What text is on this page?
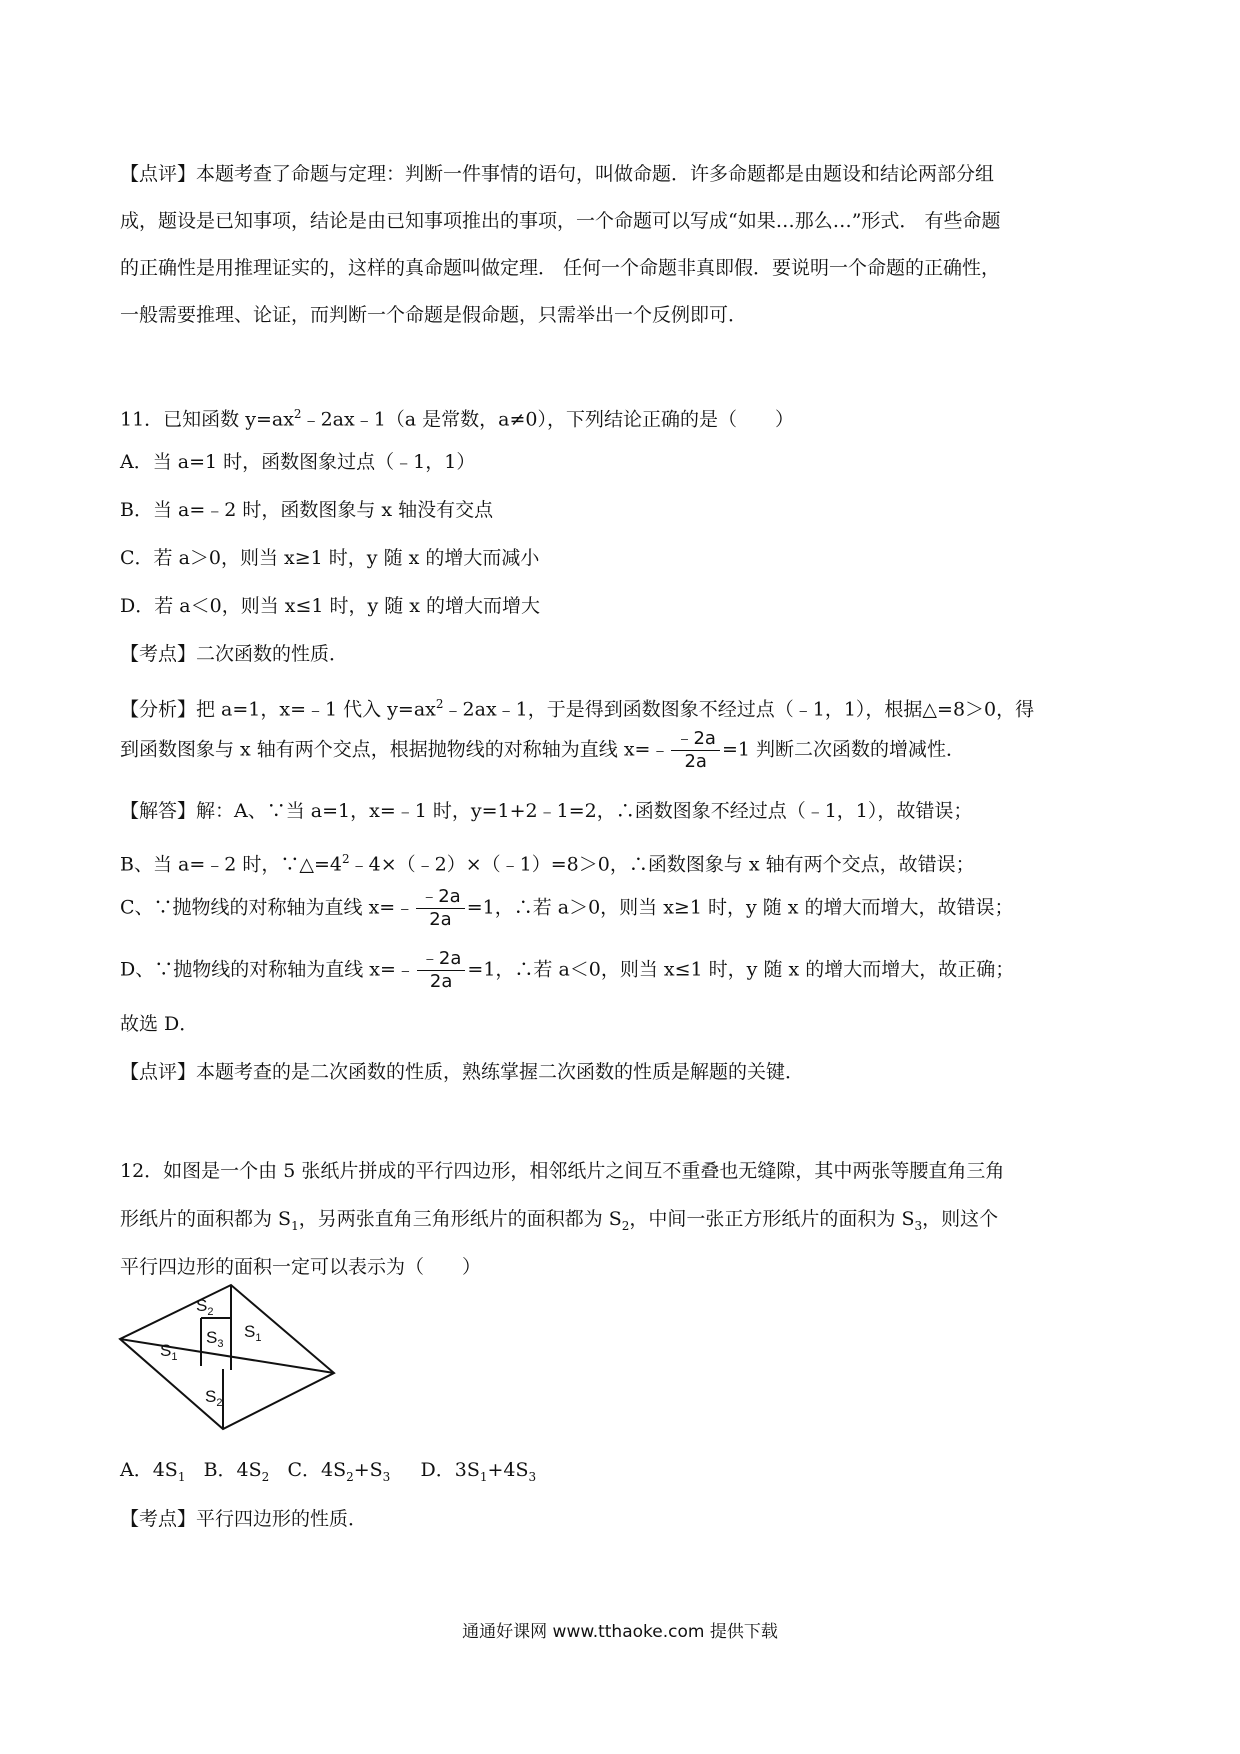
【点评】本题考查了命题与定理：判断一件事情的语句，叫做命题．许多命题都是由题设和结论两部分组
成，题设是已知事项，结论是由已知事项推出的事项，一个命题可以写成“如果…那么…”形式． 有些命题
的正确性是用推理证实的，这样的真命题叫做定理． 任何一个命题非真即假．要说明一个命题的正确性，
一般需要推理、论证，而判断一个命题是假命题，只需举出一个反例即可．
11．已知函数 $y=ax^2﹣2ax﹣1(a$ 是常数，a≠0），下列结论正确的是（　　）
A．当 a=1 时，函数图象过点（﹣1，1）
B．当 a=﹣2 时，函数图象与 x 轴没有交点
C．若 a＞0，则当 x≥1 时，y 随 x 的增大而减小
D．若 a＜0，则当 x≤1 时，y 随 x 的增大而增大
【考点】二次函数的性质．
【分析】把 a=1，x=﹣1 代入 $y=ax^2﹣2ax﹣1$，于是得到函数图象不经过点（﹣1，1），根据△=8＞0，得
到函数图象与 x 轴有两个交点，根据抛物线的对称轴为直线 x=﹣ $\frac{﹣2a}{2a} =1$ 判断二次函数的增减性．
【解答】解：A、∵当 a=1，x=﹣1 时，y=1+2﹣1=2，∴函数图象不经过点（﹣1，1），故错误；
B、当 a=﹣2 时，$\because\triangle=4^2﹣4\times(﹣2)\times(﹣1)=8>0$，∴函数图象与 x 轴有两个交点，故错误；
C、∵抛物线的对称轴为直线 x=﹣ $\frac{﹣2a}{2a} =1$，∴若 a＞0，则当 x≥1 时，y 随 x 的增大而增大，故错误；
D、∵抛物线的对称轴为直线 x=﹣ $\frac{﹣2a}{2a} =1$，∴若 a＜0，则当 x≤1 时，y 随 x 的增大而增大，故正确；
故选 D．
【点评】本题考查的是二次函数的性质，熟练掌握二次函数的性质是解题的关键．
12．如图是一个由 5 张纸片拼成的平行四边形，相邻纸片之间互不重叠也无缝隙，其中两张等腰直角三角
形纸片的面积都为 $S_1$，另两张直角三角形纸片的面积都为 $S_2$，中间一张正方形纸片的面积为 $S_3$，则这个
平行四边形的面积一定可以表示为（　　）
$S_2$
$S_1$
$S_3$
$S_1$
$S_2$
A．$4S_1$ B．$4S_2$ C．$4S_2+S_3$ D．$3S_1+4S_3$
【考点】平行四边形的性质．
通通好课网 www.tthaoke.com 提供下载
